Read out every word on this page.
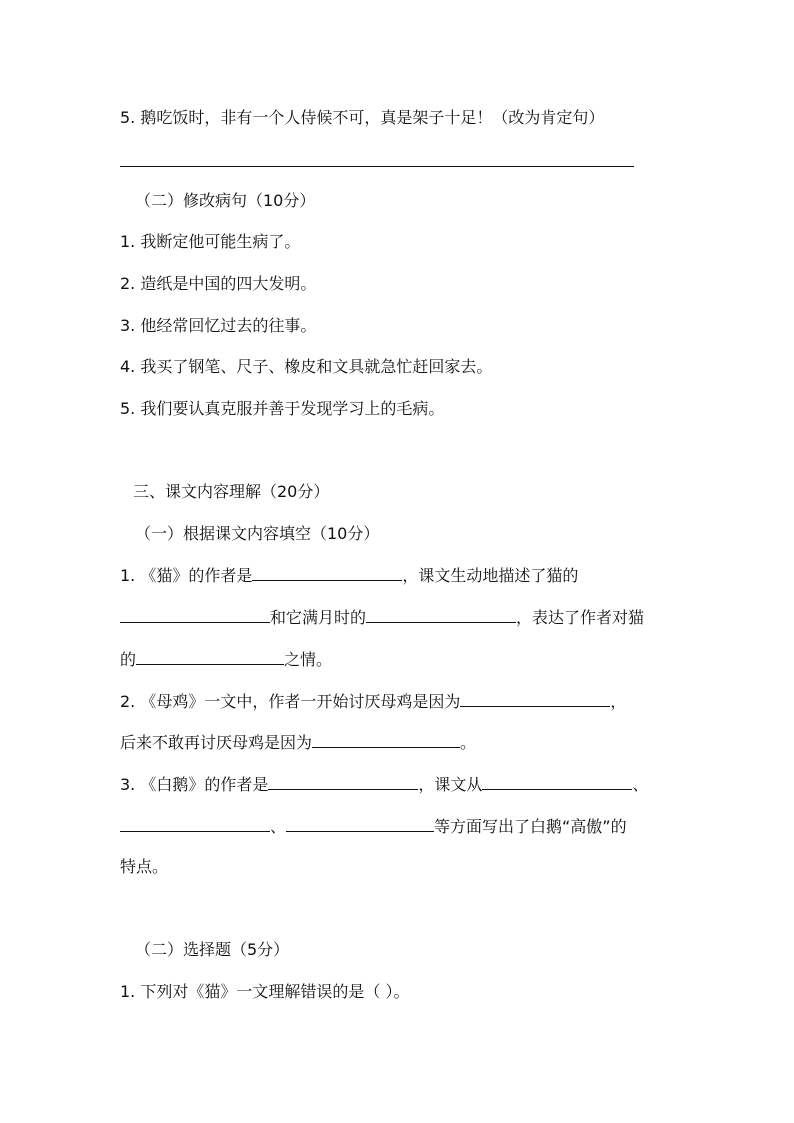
5. 鹅吃饭时，非有一个人侍候不可，真是架子十足！（改为肯定句）
（二）修改病句（10分）
1. 我断定他可能生病了。
2. 造纸是中国的四大发明。
3. 他经常回忆过去的往事。
4. 我买了钢笔、尺子、橡皮和文具就急忙赶回家去。
5. 我们要认真克服并善于发现学习上的毛病。
三、课文内容理解（20分）
（一）根据课文内容填空（10分）
1. 《猫》的作者是	，课文生动地描述了猫的
和它满月时的	，表达了作者对猫
的	之情。
2. 《母鸡》一文中，作者一开始讨厌母鸡是因为	，
后来不敢再讨厌母鸡是因为	。
3. 《白鹅》的作者是	，课文从	、
、	等方面写出了白鹅“高傲”的
特点。
（二）选择题（5分）
1. 下列对《猫》一文理解错误的是（ ）。
